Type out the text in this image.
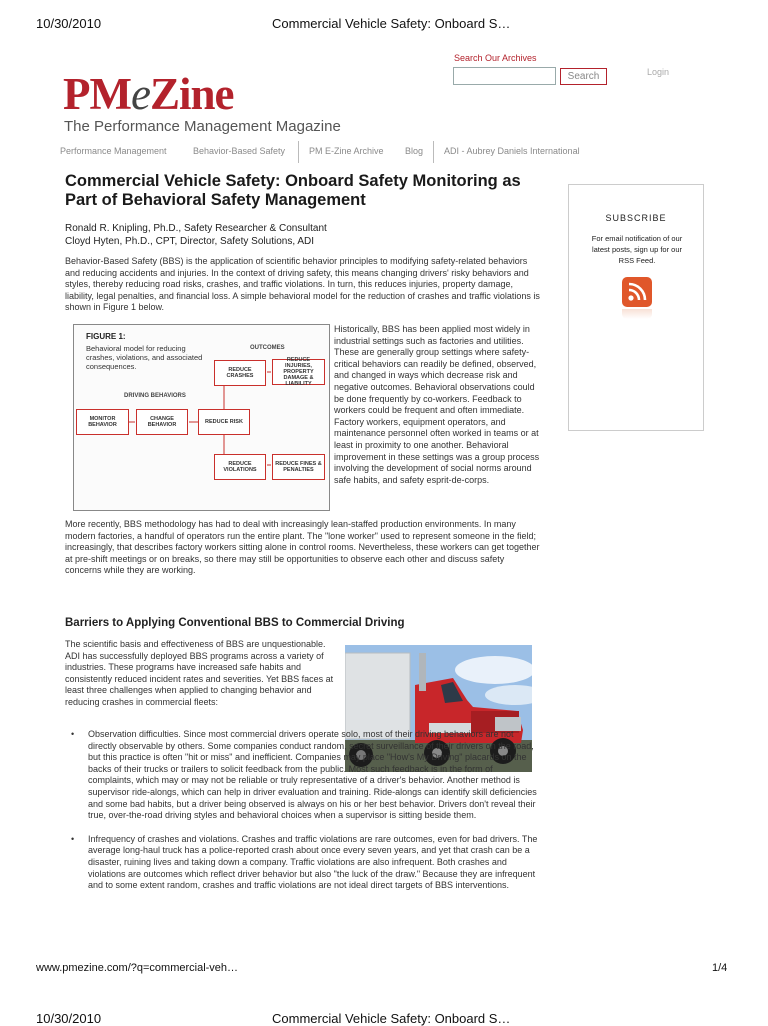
10/30/2010	Commercial Vehicle Safety: Onboard S…
Search Our Archives
Search	Login
PMeZine
The Performance Management Magazine
Performance Management	Behavior-Based Safety	PM E-Zine Archive Blog ADI - Aubrey Daniels International
Commercial Vehicle Safety: Onboard Safety Monitoring as Part of Behavioral Safety Management
Ronald R. Knipling, Ph.D., Safety Researcher & Consultant
Cloyd Hyten, Ph.D., CPT, Director, Safety Solutions, ADI
Behavior-Based Safety (BBS) is the application of scientific behavior principles to modifying safety-related behaviors and reducing accidents and injuries. In the context of driving safety, this means changing drivers' risky behaviors and styles, thereby reducing road risks, crashes, and traffic violations. In turn, this reduces injuries, property damage, liability, legal penalties, and financial loss. A simple behavioral model for the reduction of crashes and traffic violations is shown in Figure 1 below.
FIGURE 1:
Behavioral model for reducing crashes, violations, and associated consequences.
OUTCOMES
DRIVING BEHAVIORS
REDUCE CRASHES
REDUCE INJURIES, PROPERTY DAMAGE & LIABILITY
MONITOR BEHAVIOR
CHANGE BEHAVIOR	REDUCE RISK
REDUCE VIOLATIONS
REDUCE FINES & PENALTIES
Historically, BBS has been applied most widely in industrial settings such as factories and utilities. These are generally group settings where safety-critical behaviors can readily be defined, observed, and changed in ways which decrease risk and negative outcomes. Behavioral observations could be done frequently by co-workers. Feedback to workers could be frequent and often immediate. Factory workers, equipment operators, and maintenance personnel often worked in teams or at least in proximity to one another. Behavioral improvement in these settings was a group process involving the development of social norms around safe habits, and safety esprit-de-corps.
More recently, BBS methodology has had to deal with increasingly lean-staffed production environments. In many modern factories, a handful of operators run the entire plant. The "lone worker" used to represent someone in the field; increasingly, that describes factory workers sitting alone in control rooms. Nevertheless, these workers can get together at pre-shift meetings or on breaks, so there may still be opportunities to observe each other and discuss safety concerns while they are working.
SUBSCRIBE
For email notification of our latest posts, sign up for our RSS Feed.
Barriers to Applying Conventional BBS to Commercial Driving
The scientific basis and effectiveness of BBS are unquestionable. ADI has successfully deployed BBS programs across a variety of industries. These programs have increased safe habits and consistently reduced incident rates and severities. Yet BBS faces at least three challenges when applied to changing behavior and reducing crashes in commercial fleets:
•	Observation difficulties. Since most commercial drivers operate solo, most of their driving behaviors are not directly observable by others. Some companies conduct random, secret surveillance of their drivers on the road, but this practice is often "hit or miss" and inefficient. Companies may place "How's My Driving" placards on the backs of their trucks or trailers to solicit feedback from the public. Most such feedback is in the form of complaints, which may or may not be reliable or truly representative of a driver's behavior. Another method is supervisor ride-alongs, which can help in driver evaluation and training. Ride-alongs can identify skill deficiencies and some bad habits, but a driver being observed is always on his or her best behavior. Drivers don't reveal their true, over-the-road driving styles and behavioral choices when a supervisor is sitting beside them.
•	Infrequency of crashes and violations. Crashes and traffic violations are rare outcomes, even for bad drivers. The average long-haul truck has a police-reported crash about once every seven years, and yet that crash can be a disaster, ruining lives and taking down a company. Traffic violations are also infrequent. Both crashes and violations are outcomes which reflect driver behavior but also "the luck of the draw." Because they are infrequent and to some extent random, crashes and traffic violations are not ideal direct targets of BBS interventions.
www.pmezine.com/?q=commercial-veh…	1/4
10/30/2010	Commercial Vehicle Safety: Onboard S…
